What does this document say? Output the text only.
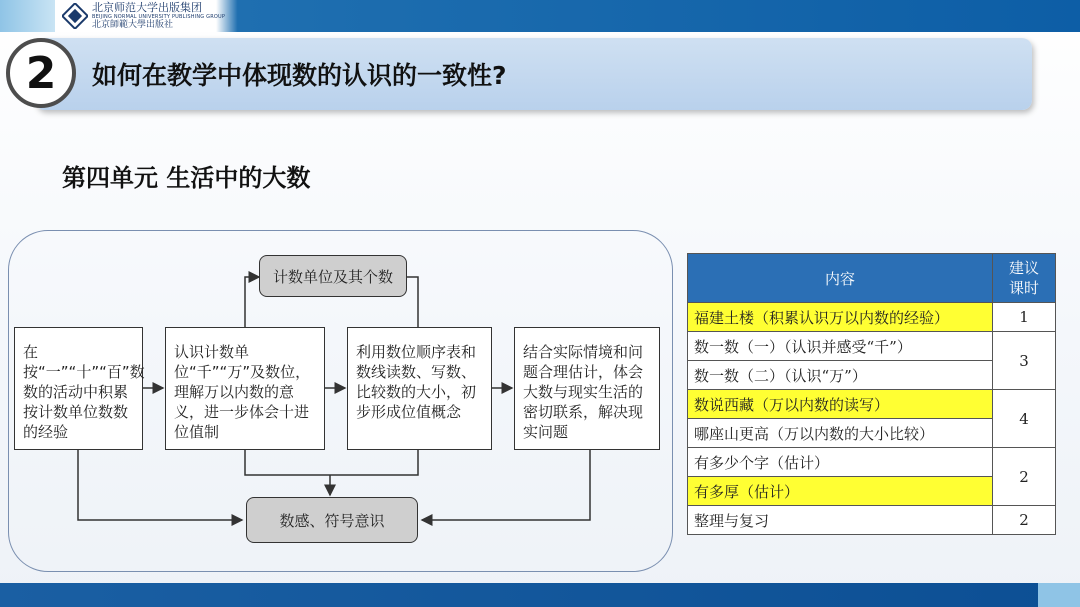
北京师范大学出版集团
BEIJING NORMAL UNIVERSITY PUBLISHING GROUP
北京師範大學出版社
2 如何在教学中体现数的认识的一致性?
第四单元 生活中的大数
计数单位及其个数
在按“一”“十”“百”数数的活动中积累按计数单位数数的经验
认识计数单位“千”“万”及数位，理解万以内数的意义，进一步体会十进位值制
利用数位顺序表和数线读数、写数、比较数的大小，初步形成位值概念
结合实际情境和问题合理估计，体会大数与现实生活的密切联系，解决现实问题
数感、符号意识
内容	建议
课时
福建土楼（积累认识万以内数的经验）	1
数一数（一）（认识并感受“千”）	3
数一数（二）（认识“万”）	
数说西藏（万以内数的读写）	4
哪座山更高（万以内数的大小比较）	
有多少个字（估计）	2
有多厚（估计）	
整理与复习	2
